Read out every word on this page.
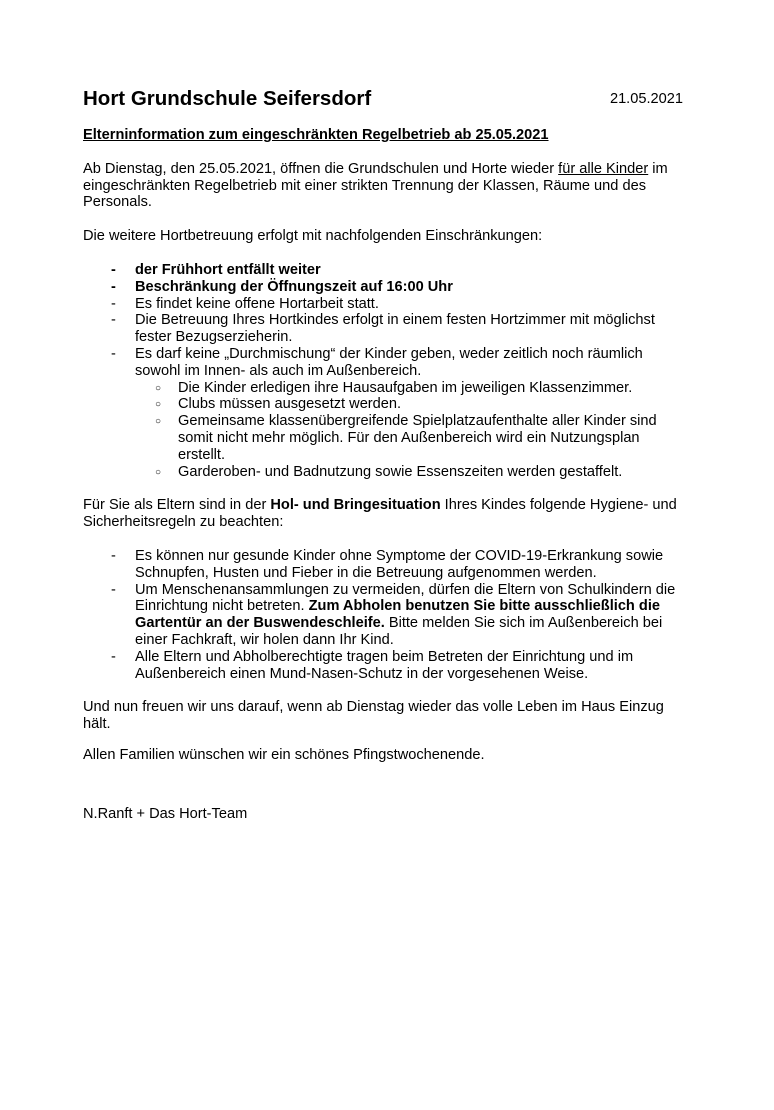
Hort Grundschule Seifersdorf	21.05.2021

Elterninformation zum eingeschränkten Regelbetrieb ab 25.05.2021

Ab Dienstag, den 25.05.2021, öffnen die Grundschulen und Horte wieder für alle Kinder im eingeschränkten Regelbetrieb mit einer strikten Trennung der Klassen, Räume und des Personals.

Die weitere Hortbetreuung erfolgt mit nachfolgenden Einschränkungen:

- der Frühhort entfällt weiter
- Beschränkung der Öffnungszeit auf 16:00 Uhr
- Es findet keine offene Hortarbeit statt.
- Die Betreuung Ihres Hortkindes erfolgt in einem festen Hortzimmer mit möglichst fester Bezugserzieherin.
- Es darf keine „Durchmischung“ der Kinder geben, weder zeitlich noch räumlich sowohl im Innen- als auch im Außenbereich.
○ Die Kinder erledigen ihre Hausaufgaben im jeweiligen Klassenzimmer.
○ Clubs müssen ausgesetzt werden.
○ Gemeinsame klassenübergreifende Spielplatzaufenthalte aller Kinder sind somit nicht mehr möglich. Für den Außenbereich wird ein Nutzungsplan erstellt.
○ Garderoben- und Badnutzung sowie Essenszeiten werden gestaffelt.

Für Sie als Eltern sind in der Hol- und Bringesituation Ihres Kindes folgende Hygiene- und Sicherheitsregeln zu beachten:

- Es können nur gesunde Kinder ohne Symptome der COVID-19-Erkrankung sowie Schnupfen, Husten und Fieber in die Betreuung aufgenommen werden.
- Um Menschenansammlungen zu vermeiden, dürfen die Eltern von Schulkindern die Einrichtung nicht betreten. Zum Abholen benutzen Sie bitte ausschließlich die Gartentür an der Buswendeschleife. Bitte melden Sie sich im Außenbereich bei einer Fachkraft, wir holen dann Ihr Kind.
- Alle Eltern und Abholberechtigte tragen beim Betreten der Einrichtung und im Außenbereich einen Mund-Nasen-Schutz in der vorgesehenen Weise.

Und nun freuen wir uns darauf, wenn ab Dienstag wieder das volle Leben im Haus Einzug hält.

Allen Familien wünschen wir ein schönes Pfingstwochenende.

N.Ranft + Das Hort-Team
